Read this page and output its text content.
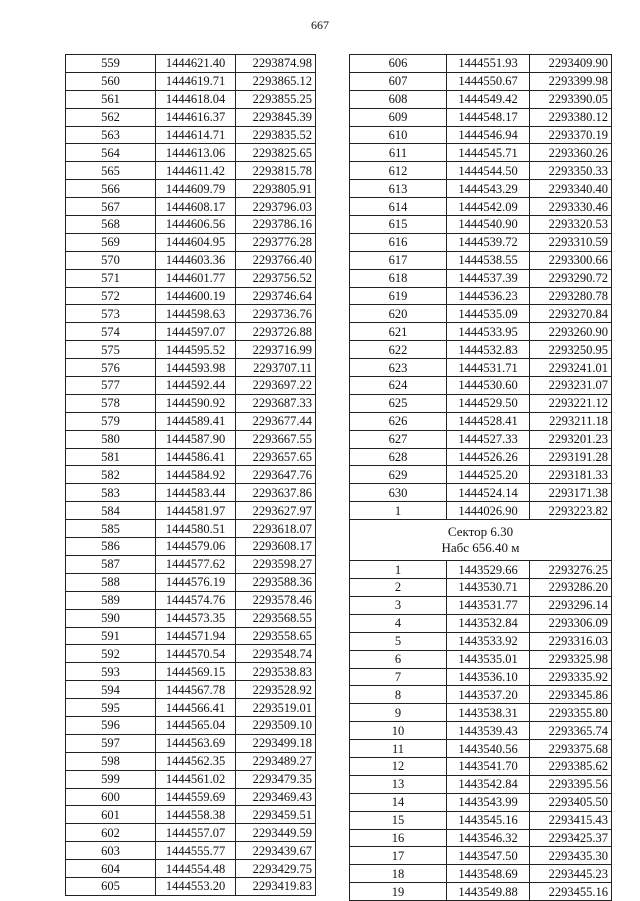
667
559	1444621.40	2293874.98
560	1444619.71	2293865.12
561	1444618.04	2293855.25
562	1444616.37	2293845.39
563	1444614.71	2293835.52
564	1444613.06	2293825.65
565	1444611.42	2293815.78
566	1444609.79	2293805.91
567	1444608.17	2293796.03
568	1444606.56	2293786.16
569	1444604.95	2293776.28
570	1444603.36	2293766.40
571	1444601.77	2293756.52
572	1444600.19	2293746.64
573	1444598.63	2293736.76
574	1444597.07	2293726.88
575	1444595.52	2293716.99
576	1444593.98	2293707.11
577	1444592.44	2293697.22
578	1444590.92	2293687.33
579	1444589.41	2293677.44
580	1444587.90	2293667.55
581	1444586.41	2293657.65
582	1444584.92	2293647.76
583	1444583.44	2293637.86
584	1444581.97	2293627.97
585	1444580.51	2293618.07
586	1444579.06	2293608.17
587	1444577.62	2293598.27
588	1444576.19	2293588.36
589	1444574.76	2293578.46
590	1444573.35	2293568.55
591	1444571.94	2293558.65
592	1444570.54	2293548.74
593	1444569.15	2293538.83
594	1444567.78	2293528.92
595	1444566.41	2293519.01
596	1444565.04	2293509.10
597	1444563.69	2293499.18
598	1444562.35	2293489.27
599	1444561.02	2293479.35
600	1444559.69	2293469.43
601	1444558.38	2293459.51
602	1444557.07	2293449.59
603	1444555.77	2293439.67
604	1444554.48	2293429.75
605	1444553.20	2293419.83
606	1444551.93	2293409.90
607	1444550.67	2293399.98
608	1444549.42	2293390.05
609	1444548.17	2293380.12
610	1444546.94	2293370.19
611	1444545.71	2293360.26
612	1444544.50	2293350.33
613	1444543.29	2293340.40
614	1444542.09	2293330.46
615	1444540.90	2293320.53
616	1444539.72	2293310.59
617	1444538.55	2293300.66
618	1444537.39	2293290.72
619	1444536.23	2293280.78
620	1444535.09	2293270.84
621	1444533.95	2293260.90
622	1444532.83	2293250.95
623	1444531.71	2293241.01
624	1444530.60	2293231.07
625	1444529.50	2293221.12
626	1444528.41	2293211.18
627	1444527.33	2293201.23
628	1444526.26	2293191.28
629	1444525.20	2293181.33
630	1444524.14	2293171.38
1	1444026.90	2293223.82

Сектор 6.30
Набс 656.40 м		

1	1443529.66	2293276.25
2	1443530.71	2293286.20
3	1443531.77	2293296.14
4	1443532.84	2293306.09
5	1443533.92	2293316.03
6	1443535.01	2293325.98
7	1443536.10	2293335.92
8	1443537.20	2293345.86
9	1443538.31	2293355.80
10	1443539.43	2293365.74
11	1443540.56	2293375.68
12	1443541.70	2293385.62
13	1443542.84	2293395.56
14	1443543.99	2293405.50
15	1443545.16	2293415.43
16	1443546.32	2293425.37
17	1443547.50	2293435.30
18	1443548.69	2293445.23
19	1443549.88	2293455.16
